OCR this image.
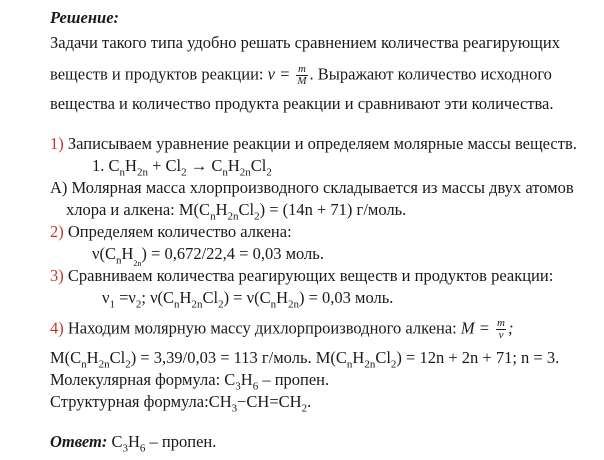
Решение:
Задачи такого типа удобно решать сравнением количества реагирующих
веществ и продуктов реакции: $\nu = \frac{m}{M}$ . Выражают количество исходного
вещества и количество продукта реакции и сравнивают эти количества.
1) Записываем уравнение реакции и определяем молярные массы веществ.
1. $C_nH_{2n} + Cl_2 \to C_nH_{2n}Cl_2$
А) Молярная масса хлорпроизводного складывается из массы двух атомов
хлора и алкена: $M(C_nH_{2n}Cl_2) = (14n + 71)$ г/моль.
2) Определяем количество алкена:
$\nu(C_nH_{_{2n}}) = 0,672/22,4 = 0,03$ моль.
3) Сравниваем количества реагирующих веществ и продуктов реакции:
$\nu_1 =\nu_2$; $\nu(C_nH_{2n}Cl_2) = \nu(C_nH_{2n}) = 0,03$ моль.
4) Находим молярную массу дихлорпроизводного алкена: $M = \frac{m}{\nu}$ ;
$M(C_nH_{2n}Cl_2) = 3,39/0,03 = 113$ г/моль. $M(C_nH_{2n}Cl_2) = 12n + 2n + 71$; n = 3.
Молекулярная формула: $C_3H_6$ – пропен.
Структурная $формула:CH_3-CH=CH_2$.
Ответ: $C_3H_6$ – пропен.
